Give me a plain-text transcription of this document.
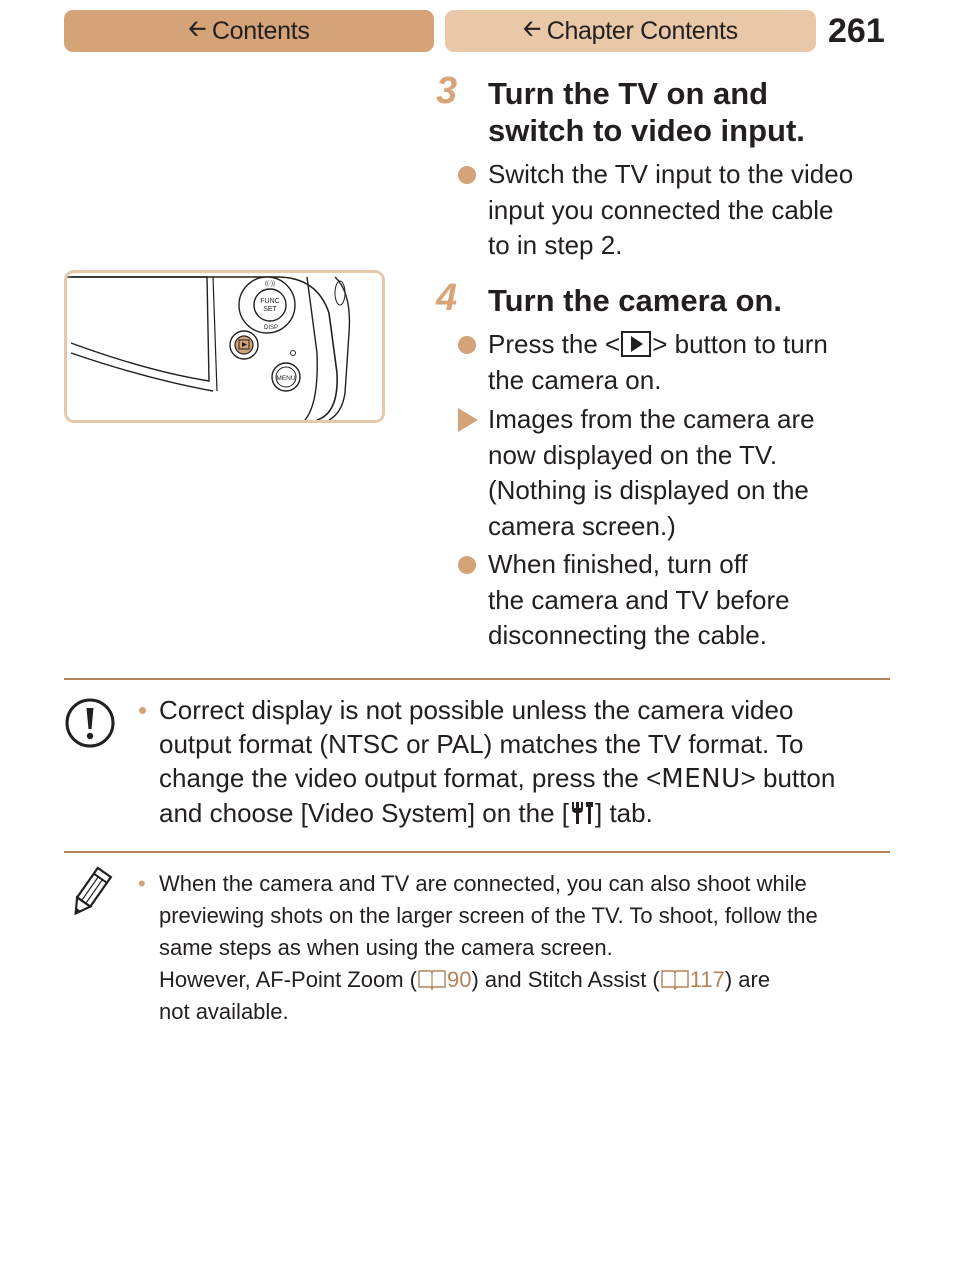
🡠 Contents	🡠 Chapter Contents	261
FUNC
SET
DISP
((⋅))
MENU
3 Turn the TV on and
switch to video input.
Switch the TV input to the video
input you connected the cable
to in step 2.
4 Turn the camera on.
Press the < > button to turn
the camera on.
Images from the camera are
now displayed on the TV.
(Nothing is displayed on the
camera screen.)
When finished, turn off
the camera and TV before
disconnecting the cable.
• Correct display is not possible unless the camera video
output format (NTSC or PAL) matches the TV format. To
change the video output format, press the <MENU> button
and choose [Video System] on the [ ] tab.
• When the camera and TV are connected, you can also shoot while
previewing shots on the larger screen of the TV. To shoot, follow the
same steps as when using the camera screen.
However, AF-Point Zoom ( 90) and Stitch Assist ( 117) are
not available.
